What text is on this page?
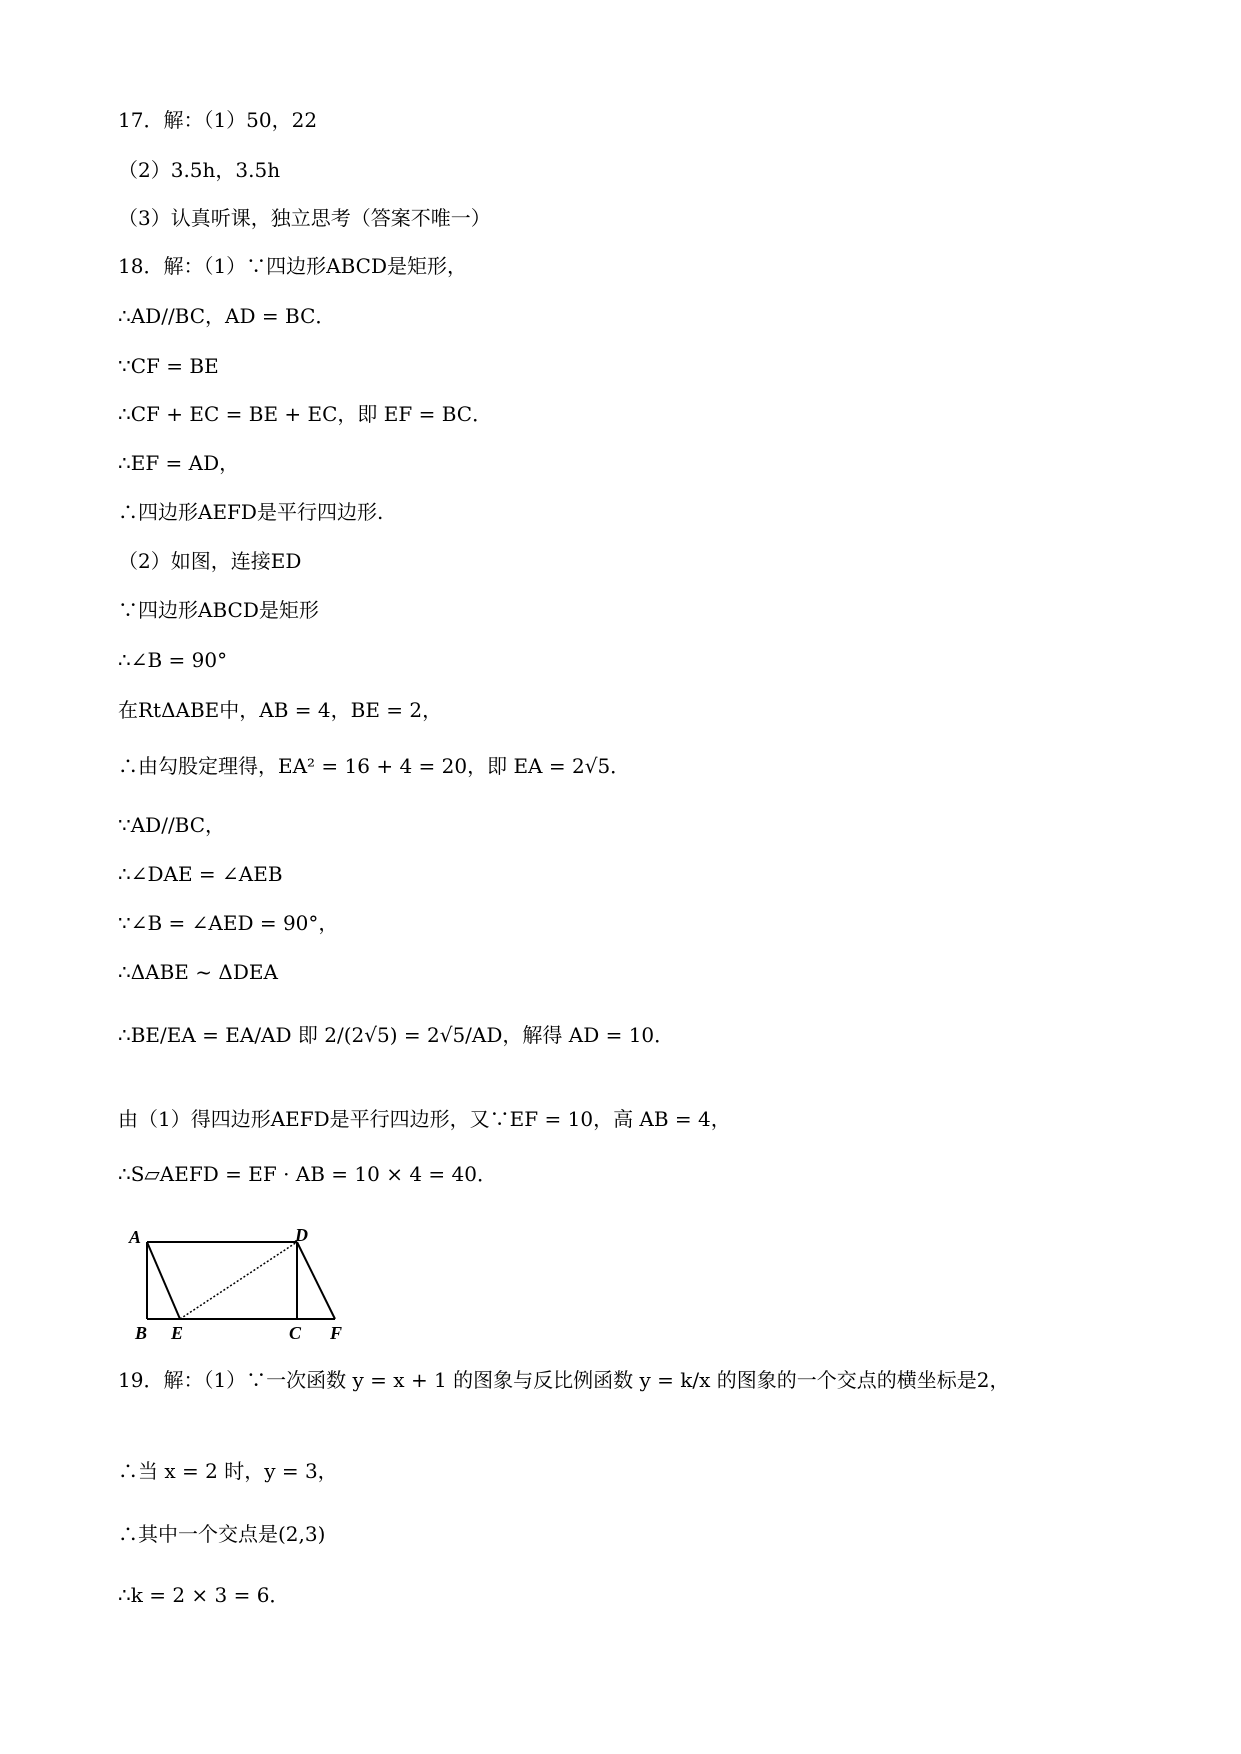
17．解：（1）50，22
（2）3.5h，3.5h
（3）认真听课，独立思考（答案不唯一）
18．解：（1）∵四边形ABCD是矩形，
∴AD//BC，AD = BC．
∵CF = BE
∴CF + EC = BE + EC，即 EF = BC．
∴EF = AD，
∴四边形AEFD是平行四边形.
（2）如图，连接ED
∵四边形ABCD是矩形
∴∠B = 90°
在RtΔABE中，AB = 4，BE = 2，
∴由勾股定理得，EA² = 16 + 4 = 20，即 EA = 2√5．
∵AD//BC，
∴∠DAE = ∠AEB
∵∠B = ∠AED = 90°，
∴ΔABE ~ ΔDEA
∴BE/EA = EA/AD 即 2/(2√5) = 2√5/AD，解得 AD = 10．
由（1）得四边形AEFD是平行四边形，又∵EF = 10，高 AB = 4，
∴S▱AEFD = EF · AB = 10 × 4 = 40．
19．解：（1）∵一次函数 y = x + 1 的图象与反比例函数 y = k/x 的图象的一个交点的横坐标是2，
∴当 x = 2 时，y = 3，
∴其中一个交点是(2,3)
∴k = 2 × 3 = 6．
A	D
B E	C F
